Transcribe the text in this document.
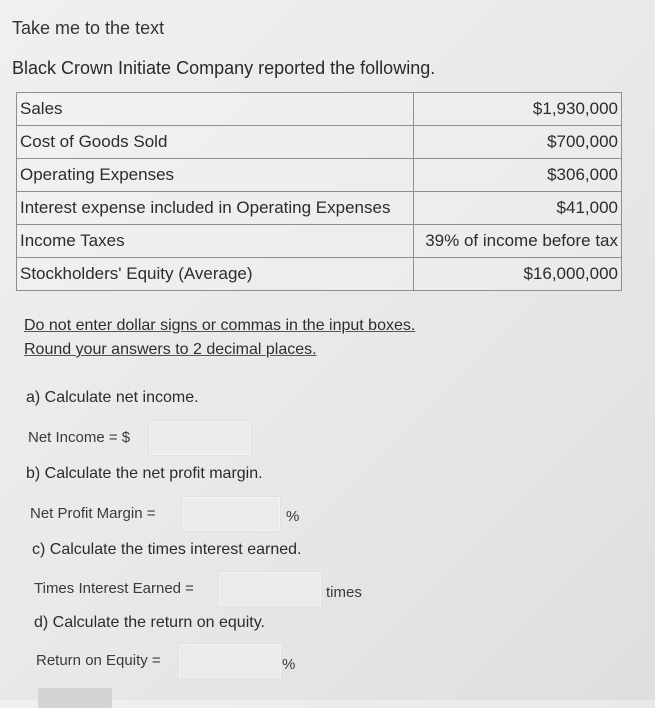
Take me to the text
Black Crown Initiate Company reported the following.
Sales	$1,930,000
Cost of Goods Sold	$700,000
Operating Expenses	$306,000
Interest expense included in Operating Expenses	$41,000
Income Taxes	39% of income before tax
Stockholders' Equity (Average)	$16,000,000
Do not enter dollar signs or commas in the input boxes.
Round your answers to 2 decimal places.
a) Calculate net income.
Net Income = $
b) Calculate the net profit margin.
Net Profit Margin =	%
c) Calculate the times interest earned.
Times Interest Earned =	times
d) Calculate the return on equity.
Return on Equity =	%
